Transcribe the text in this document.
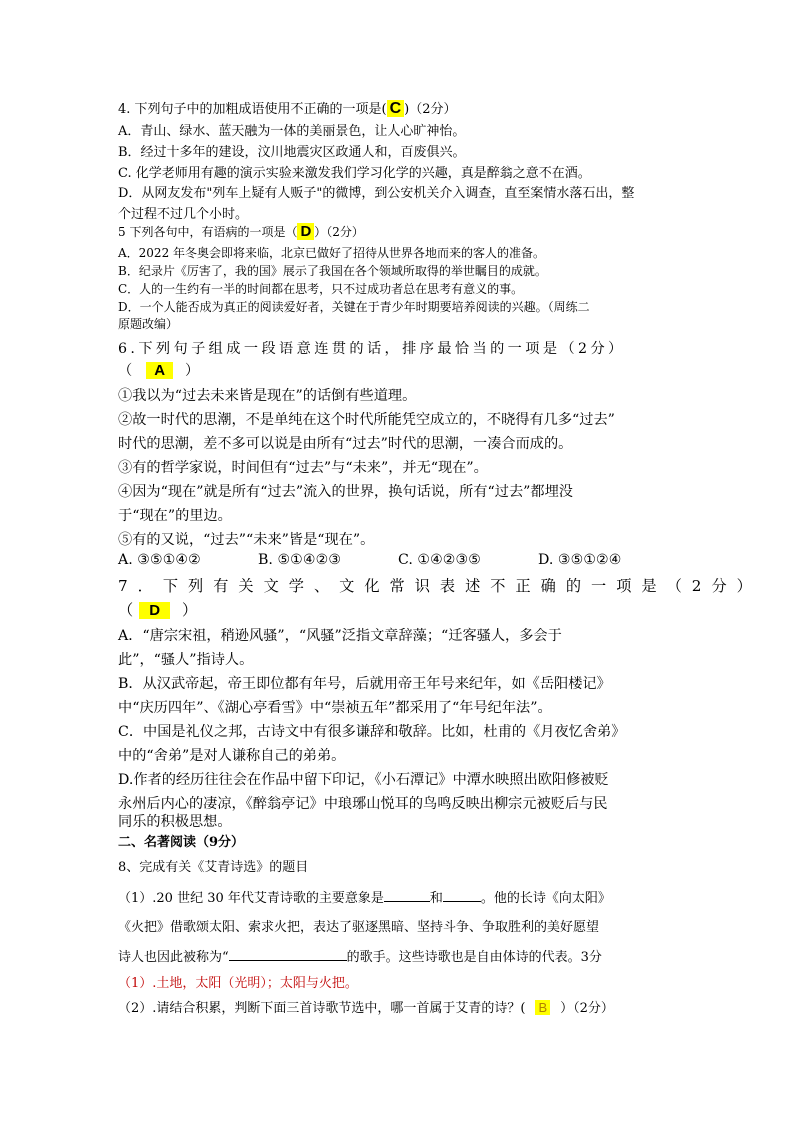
4. 下列句子中的加粗成语使用不正确的一项是( C )（2分）
A．青山、绿水、蓝天融为一体的美丽景色，让人心旷神怡。
B．经过十多年的建设，汶川地震灾区政通人和，百废俱兴。
C. 化学老师用有趣的演示实验来激发我们学习化学的兴趣，真是醉翁之意不在酒。
D．从网友发布"列车上疑有人贩子"的微博，到公安机关介入调查，直至案情水落石出，整
个过程不过几个小时。
5 下列各句中，有语病的一项是（ D ）（2分）
A．2022 年冬奥会即将来临，北京已做好了招待从世界各地而来的客人的准备。
B．纪录片《厉害了，我的国》展示了我国在各个领域所取得的举世瞩目的成就。
C．人的一生约有一半的时间都在思考，只不过成功者总在思考有意义的事。
D．一个人能否成为真正的阅读爱好者，关键在于青少年时期要培养阅读的兴趣。（周练二
原题改编）
6.下列句子组成一段语意连贯的话，排序最恰当的一项是（2分）
（ A ）
①我以为“过去未来皆是现在”的话倒有些道理。
②故一时代的思潮，不是单纯在这个时代所能凭空成立的，不晓得有几多“过去”
时代的思潮，差不多可以说是由所有“过去”时代的思潮，一凑合而成的。
③有的哲学家说，时间但有“过去”与“未来”，并无“现在”。
④因为“现在”就是所有“过去”流入的世界，换句话说，所有“过去”都埋没
于“现在”的里边。
⑤有的又说，“过去”“未来”皆是“现在”。
A. ③⑤①④②	B. ⑤①④②③	C. ①④②③⑤	D. ③⑤①②④
7．下列有关文学、文化常识表述不正确的一项是（2分）
（ D ）
A．“唐宗宋祖，稍逊风骚”，“风骚”泛指文章辞藻；“迁客骚人，多会于
此”，“骚人”指诗人。
B．从汉武帝起，帝王即位都有年号，后就用帝王年号来纪年，如《岳阳楼记》
中“庆历四年”、《湖心亭看雪》中“崇祯五年”都采用了“年号纪年法”。
C．中国是礼仪之邦，古诗文中有很多谦辞和敬辞。比如，杜甫的《月夜忆舍弟》
中的“舍弟”是对人谦称自己的弟弟。
D.作者的经历往往会在作品中留下印记，《小石潭记》中潭水映照出欧阳修被贬
永州后内心的凄凉，《醉翁亭记》中琅琊山悦耳的鸟鸣反映出柳宗元被贬后与民
同乐的积极思想。
二、名著阅读（9分）
8、完成有关《艾青诗选》的题目
（1）.20 世纪 30 年代艾青诗歌的主要意象是	和	。他的长诗《向太阳》
《火把》借歌颂太阳、索求火把，表达了驱逐黑暗、坚持斗争、争取胜利的美好愿望
诗人也因此被称为“	的歌手。这些诗歌也是自由体诗的代表。3分
（1）.土地，太阳（光明）；太阳与火把。
（2）.请结合积累，判断下面三首诗歌节选中，哪一首属于艾青的诗？( B ）（2分）
